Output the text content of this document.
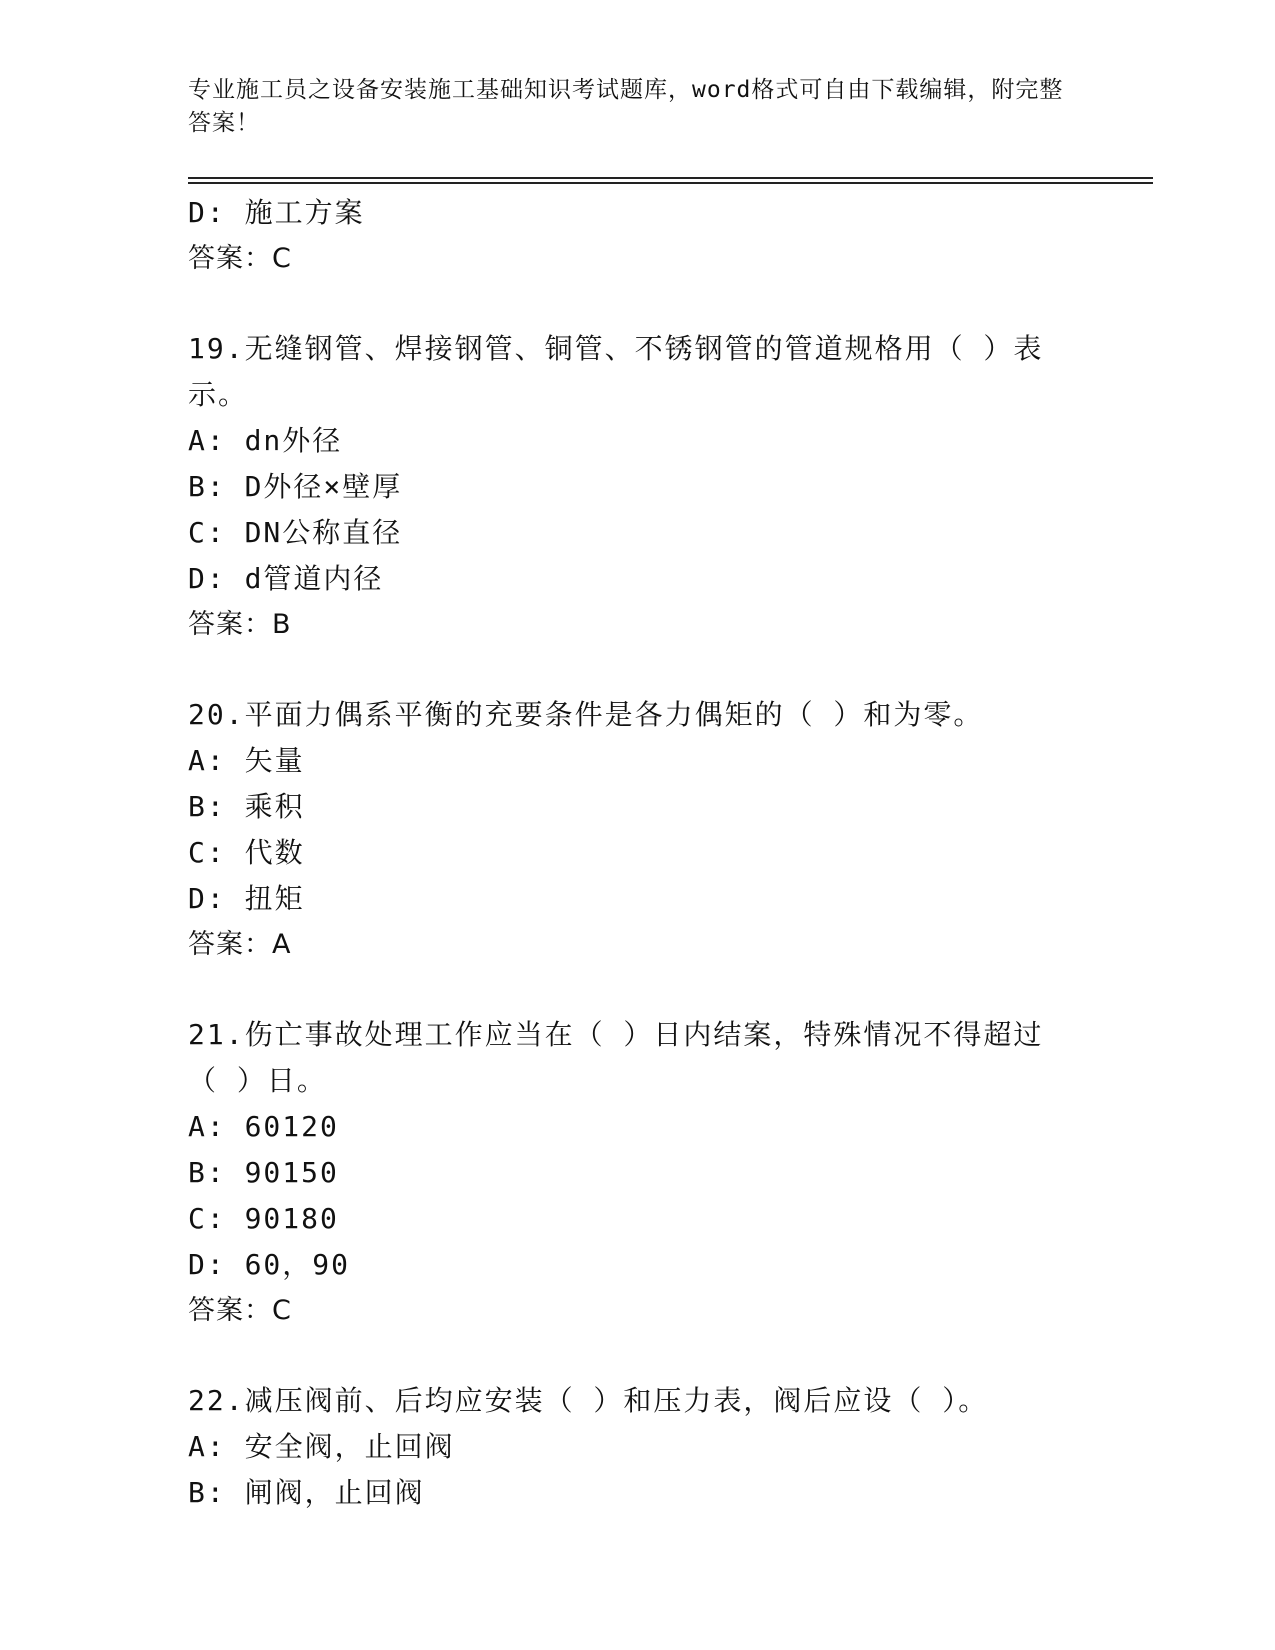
专业施工员之设备安装施工基础知识考试题库，word格式可自由下载编辑，附完整答案！
D: 施工方案
答案：C
19.无缝钢管、焊接钢管、铜管、不锈钢管的管道规格用（ ）表示。
A: dn外径
B: D外径×壁厚
C: DN公称直径
D: d管道内径
答案：B
20.平面力偶系平衡的充要条件是各力偶矩的（ ）和为零。
A: 矢量
B: 乘积
C: 代数
D: 扭矩
答案：A
21.伤亡事故处理工作应当在（ ）日内结案，特殊情况不得超过（ ）日。
A: 60120
B: 90150
C: 90180
D: 60，90
答案：C
22.减压阀前、后均应安装（ ）和压力表，阀后应设（ ）。
A: 安全阀，止回阀
B: 闸阀，止回阀
